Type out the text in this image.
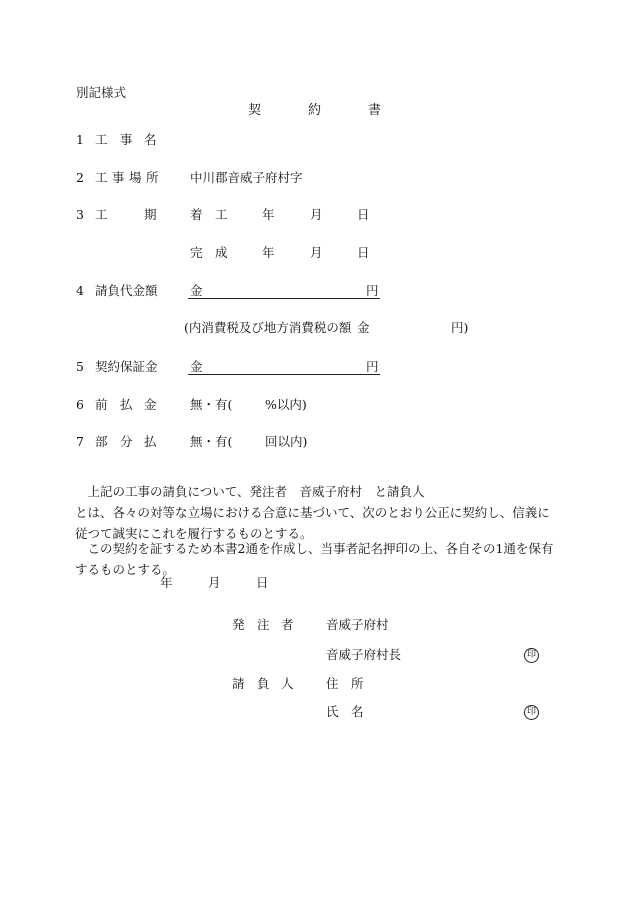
別記様式
契	約	書
1 工 事 名
2 工 事 場 所	中川郡音威子府村字
3 工	期	着　工	年	月	日
完　成	年	月	日
4 請負代金額	金	円
(内消費税及び地方消費税の額 金	円)
5 契約保証金	金	円
6 前 払 金	無・有(	%以内)
7 部 分 払	無・有(	回以内)
上記の工事の請負について、発注者　音威子府村　と請負人　　　　　　　　　　　　とは、各々の対等な立場における合意に基づいて、次のとおり公正に契約し、信義に従つて誠実にこれを履行するものとする。
この契約を証するため本書2通を作成し、当事者記名押印の上、各自その1通を保有するものとする。
年	月	日
発 注 者	音威子府村
音威子府村長	印
請 負 人	住　所
氏　名	印
